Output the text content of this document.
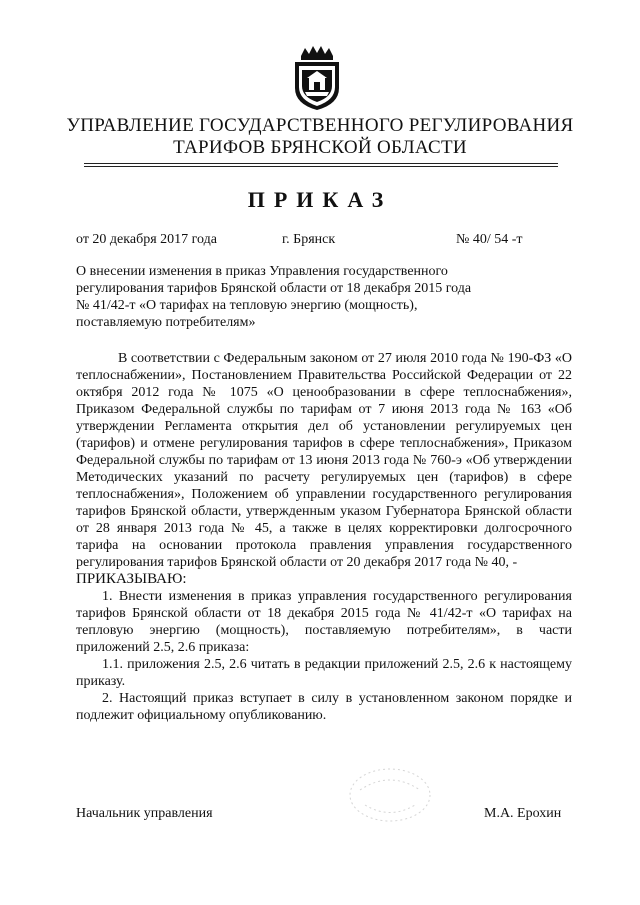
УПРАВЛЕНИЕ ГОСУДАРСТВЕННОГО РЕГУЛИРОВАНИЯ
ТАРИФОВ БРЯНСКОЙ ОБЛАСТИ
ПРИКАЗ
от 20 декабря 2017 года	г. Брянск	№ 40/ 54 -т
О внесении изменения в приказ Управления государственного
регулирования тарифов Брянской области от 18 декабря 2015 года
№ 41/42-т «О тарифах на тепловую энергию (мощность),
поставляемую потребителям»

В соответствии с Федеральным законом от 27 июля 2010 года № 190-ФЗ «О теплоснабжении», Постановлением Правительства Российской Федерации от 22 октября 2012 года № 1075 «О ценообразовании в сфере теплоснабжения», Приказом Федеральной службы по тарифам от 7 июня 2013 года № 163 «Об утверждении Регламента открытия дел об установлении регулируемых цен (тарифов) и отмене регулирования тарифов в сфере теплоснабжения», Приказом Федеральной службы по тарифам от 13 июня 2013 года № 760-э «Об утверждении Методических указаний по расчету регулируемых цен (тарифов) в сфере теплоснабжения», Положением об управлении государственного регулирования тарифов Брянской области, утвержденным указом Губернатора Брянской области от 28 января 2013 года № 45, а также в целях корректировки долгосрочного тарифа на основании протокола правления управления государственного регулирования тарифов Брянской области от 20 декабря 2017 года № 40, -

ПРИКАЗЫВАЮ:

1. Внести изменения в приказ управления государственного регулирования тарифов Брянской области от 18 декабря 2015 года № 41/42-т «О тарифах на тепловую энергию (мощность), поставляемую потребителям», в части приложений 2.5, 2.6 приказа:

1.1. приложения 2.5, 2.6 читать в редакции приложений 2.5, 2.6 к настоящему приказу.

2. Настоящий приказ вступает в силу в установленном законом порядке и подлежит официальному опубликованию.

Начальник управления	М.А. Ерохин
